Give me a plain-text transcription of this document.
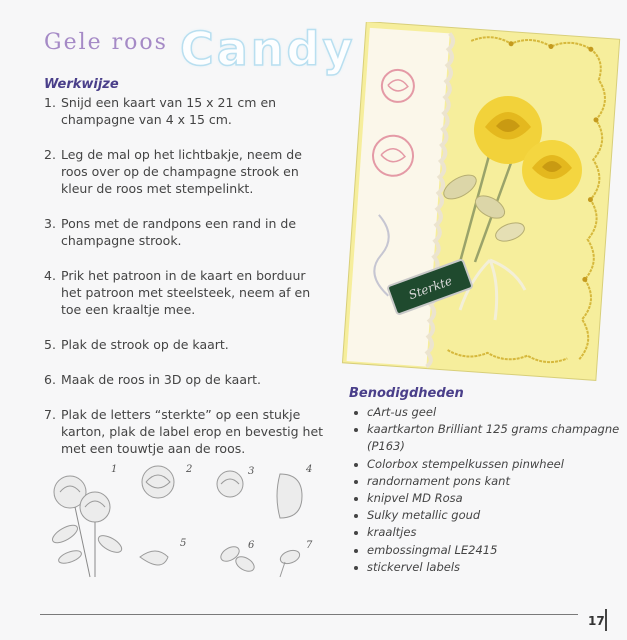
Gele roos Candy
Werkwijze
1. Snijd een kaart van 15 x 21 cm en champagne van 4 x 15 cm.
2. Leg de mal op het lichtbakje, neem de roos over op de champagne strook en kleur de roos met stempelinkt.
3. Pons met de randpons een rand in de champagne strook.
4. Prik het patroon in de kaart en borduur het patroon met steelsteek, neem af en toe een kraaltje mee.
5. Plak de strook op de kaart.
6. Maak de roos in 3D op de kaart.
7. Plak de letters “sterkte” op een stukje karton, plak de label erop en bevestig het met een touwtje aan de roos.
Sterkte
Benodigdheden
cArt-us geel
kaartkarton Brilliant 125 grams champagne (P163)
Colorbox stempelkussen pinwheel
randornament pons kant
knipvel MD Rosa
Sulky metallic goud
kraaltjes
embossingmal LE2415
stickervel labels
1	2	3	4
5	6	7
17
